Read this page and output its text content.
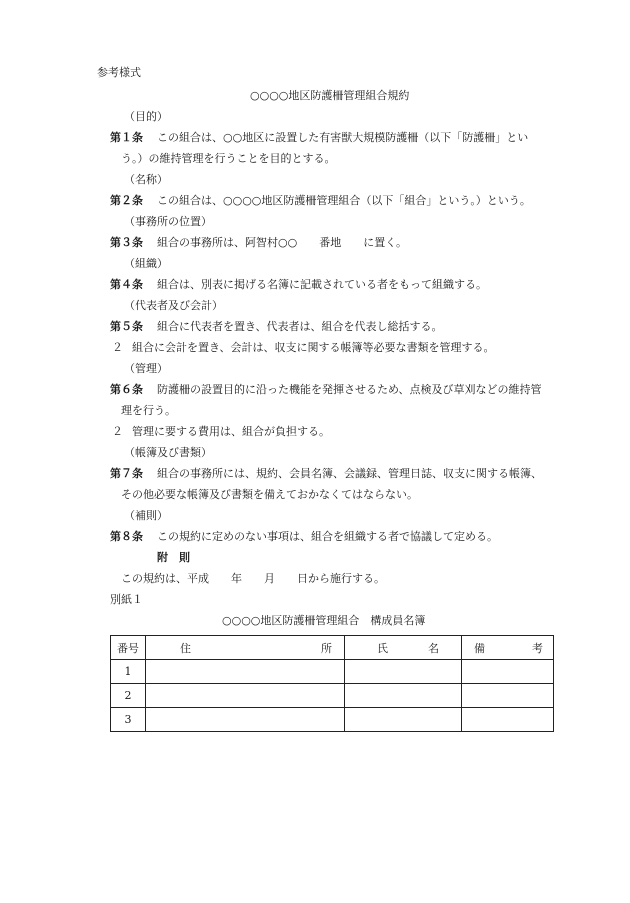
参考様式
○○○○地区防護柵管理組合規約
（目的）
第１条 この組合は、○○地区に設置した有害獣大規模防護柵（以下「防護柵」とい
う。）の維持管理を行うことを目的とする。
（名称）
第２条 この組合は、○○○○地区防護柵管理組合（以下「組合」という。）という。
（事務所の位置）
第３条 組合の事務所は、阿智村○○　　番地　　に置く。
（組織）
第４条 組合は、別表に掲げる名簿に記載されている者をもって組織する。
（代表者及び会計）
第５条 組合に代表者を置き、代表者は、組合を代表し総括する。
２ 組合に会計を置き、会計は、収支に関する帳簿等必要な書類を管理する。
（管理）
第６条 防護柵の設置目的に沿った機能を発揮させるため、点検及び草刈などの維持管
理を行う。
２ 管理に要する費用は、組合が負担する。
（帳簿及び書類）
第７条 組合の事務所には、規約、会員名簿、会議録、管理日誌、収支に関する帳簿、
その他必要な帳簿及び書類を備えておかなくてはならない。
（補則）
第８条 この規約に定めのない事項は、組合を組織する者で協議して定める。
附　則
この規約は、平成　　年　　月　　日から施行する。
別紙１
○○○○地区防護柵管理組合　構成員名簿
番号	住 所	氏 名	備 考

1			
2			
3			
